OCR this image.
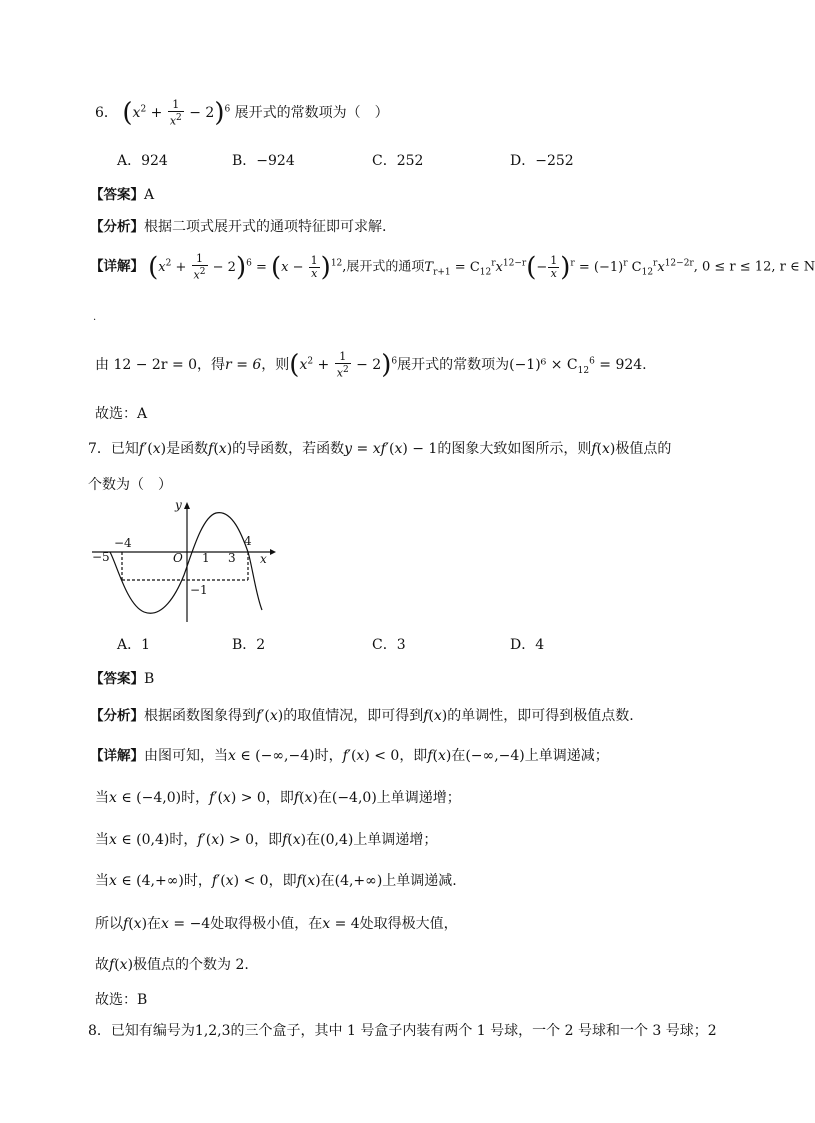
6． $(x^2 + \frac{1}{x^2} - 2)^6$ 展开式的常数项为（　）
A．924	B．−924	C．252	D．−252
【答案】A
【分析】根据二项式展开式的通项特征即可求解.
【详解】 $(x^2 + \frac{1}{x^2} - 2)^6 = (x - \frac{1}{x} )^{12}$,展开式的通项$T_{r+1} = C_{12}^rx^{12-r}(- \frac{1}{x} )^r = (-1)^r$ $C_{12}^rx^{12-2r}$, 0 ≤ r ≤ 12, r ∈ N
.
由 12 − 2r = 0，得r = 6，则$(x^2 + \frac{1}{x^2} - 2)^6$展开式的常数项为$(-1)^6 \times C_{12}^6 = 924$.
故选：A
7．已知f′(x)是函数f(x)的导函数，若函数y = xf′(x) − 1的图象大致如图所示，则f(x)极值点的
个数为（　）
y
x
O
−5
−4
1 3
4
−1
A．1	B．2	C．3	D．4
【答案】B
【分析】根据函数图象得到f′(x)的取值情况，即可得到f(x)的单调性，即可得到极值点数.
【详解】由图可知，当x ∈ (−∞,−4)时，f′(x) < 0，即f(x)在(−∞,−4)上单调递减；
当x ∈ (−4,0)时，f′(x) > 0，即f(x)在(−4,0)上单调递增；
当x ∈ (0,4)时，f′(x) > 0，即f(x)在(0,4)上单调递增；
当x ∈ (4,+∞)时，f′(x) < 0，即f(x)在(4,+∞)上单调递减.
所以f(x)在x = −4处取得极小值，在x = 4处取得极大值，
故f(x)极值点的个数为 2.
故选：B
8．已知有编号为1,2,3的三个盒子，其中 1 号盒子内装有两个 1 号球，一个 2 号球和一个 3 号球；2
